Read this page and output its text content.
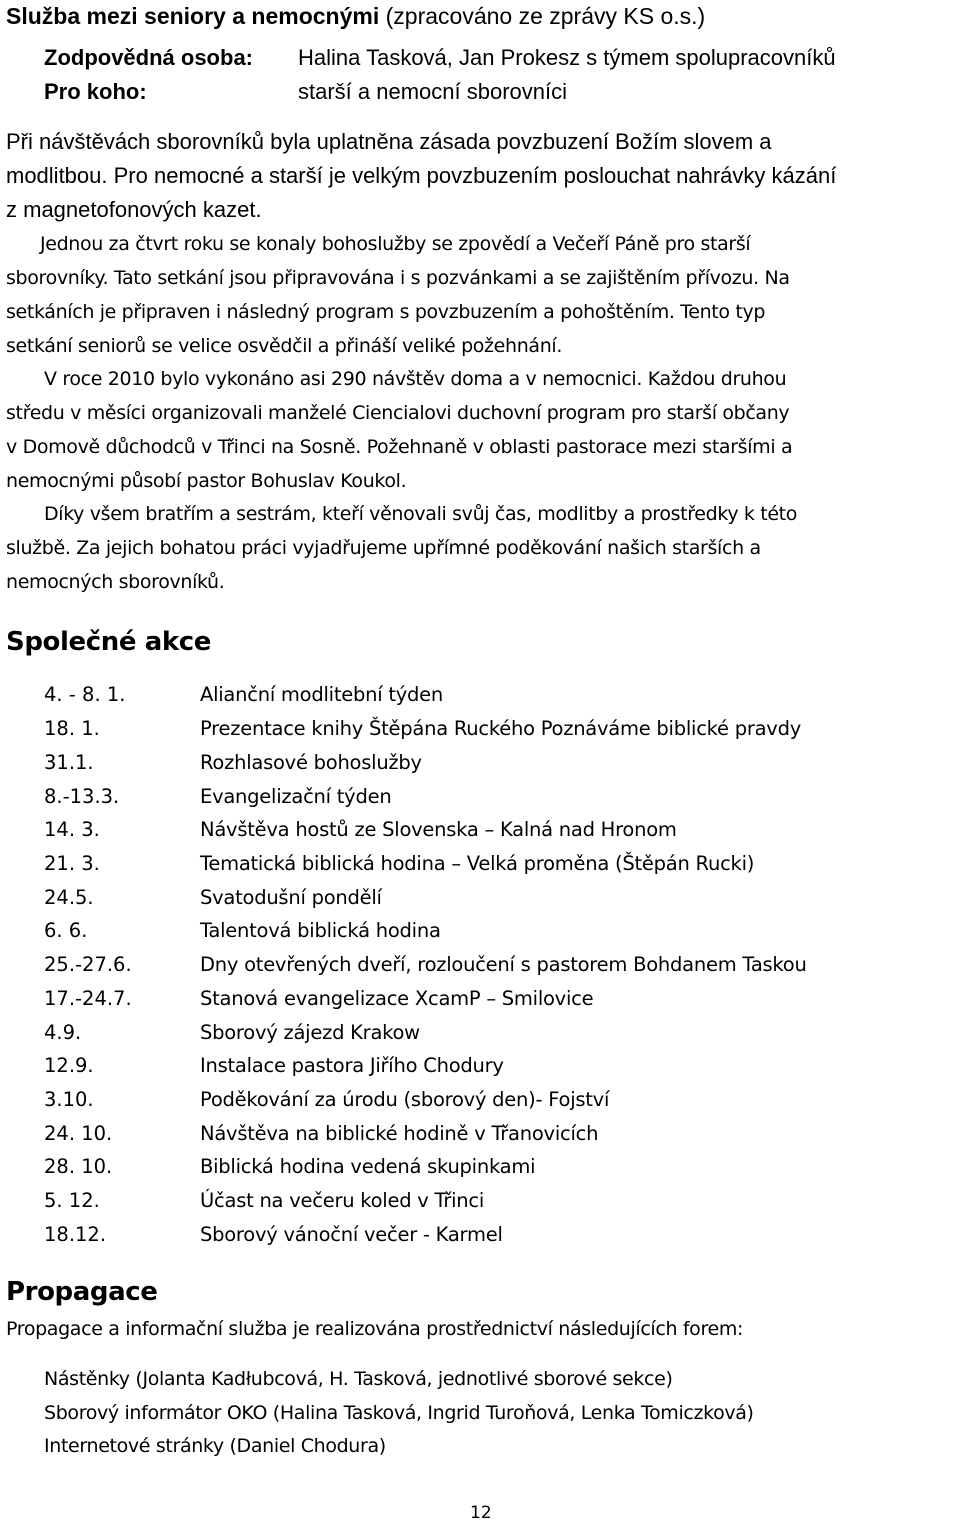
Služba mezi seniory a nemocnými (zpracováno ze zprávy KS o.s.)
Zodpovědná osoba: Halina Tasková, Jan Prokesz s týmem spolupracovníků
Pro koho:	starší a nemocní sborovníci
Při návštěvách sborovníků byla uplatněna zásada povzbuzení Božím slovem a
modlitbou. Pro nemocné a starší je velkým povzbuzením poslouchat nahrávky kázání
z magnetofonových kazet.
Jednou za čtvrt roku se konaly bohoslužby se zpovědí a Večeří Páně pro starší
sborovníky. Tato setkání jsou připravována i s pozvánkami a se zajištěním přívozu. Na
setkáních je připraven i následný program s povzbuzením a pohoštěním. Tento typ
setkání seniorů se velice osvědčil a přináší veliké požehnání.
V roce 2010 bylo vykonáno asi 290 návštěv doma a v nemocnici. Každou druhou
středu v měsíci organizovali manželé Ciencialovi duchovní program pro starší občany
v Domově důchodců v Třinci na Sosně. Požehnaně v oblasti pastorace mezi staršími a
nemocnými působí pastor Bohuslav Koukol.
Díky všem bratřím a sestrám, kteří věnovali svůj čas, modlitby a prostředky k této
službě. Za jejich bohatou práci vyjadřujeme upřímné poděkování našich starších a
nemocných sborovníků.
Společné akce
4. - 8. 1.	Alianční modlitební týden
18. 1.	Prezentace knihy Štěpána Ruckého Poznáváme biblické pravdy
31.1.	Rozhlasové bohoslužby
8.-13.3.	Evangelizační týden
14. 3.	Návštěva hostů ze Slovenska – Kalná nad Hronom
21. 3.	Tematická biblická hodina – Velká proměna (Štěpán Rucki)
24.5.	Svatodušní pondělí
6. 6.	Talentová biblická hodina
25.-27.6.	Dny otevřených dveří, rozloučení s pastorem Bohdanem Taskou
17.-24.7.	Stanová evangelizace XcamP – Smilovice
4.9.	Sborový zájezd Krakow
12.9.	Instalace pastora Jiřího Chodury
3.10.	Poděkování za úrodu (sborový den)- Fojství
24. 10.	Návštěva na biblické hodině v Třanovicích
28. 10.	Biblická hodina vedená skupinkami
5. 12.	Účast na večeru koled v Třinci
18.12.	Sborový vánoční večer - Karmel
Propagace
Propagace a informační služba je realizována prostřednictví následujících forem:
Nástěnky (Jolanta Kadłubcová, H. Tasková, jednotlivé sborové sekce)
Sborový informátor OKO (Halina Tasková, Ingrid Turoňová, Lenka Tomiczková)
Internetové stránky (Daniel Chodura)
12
